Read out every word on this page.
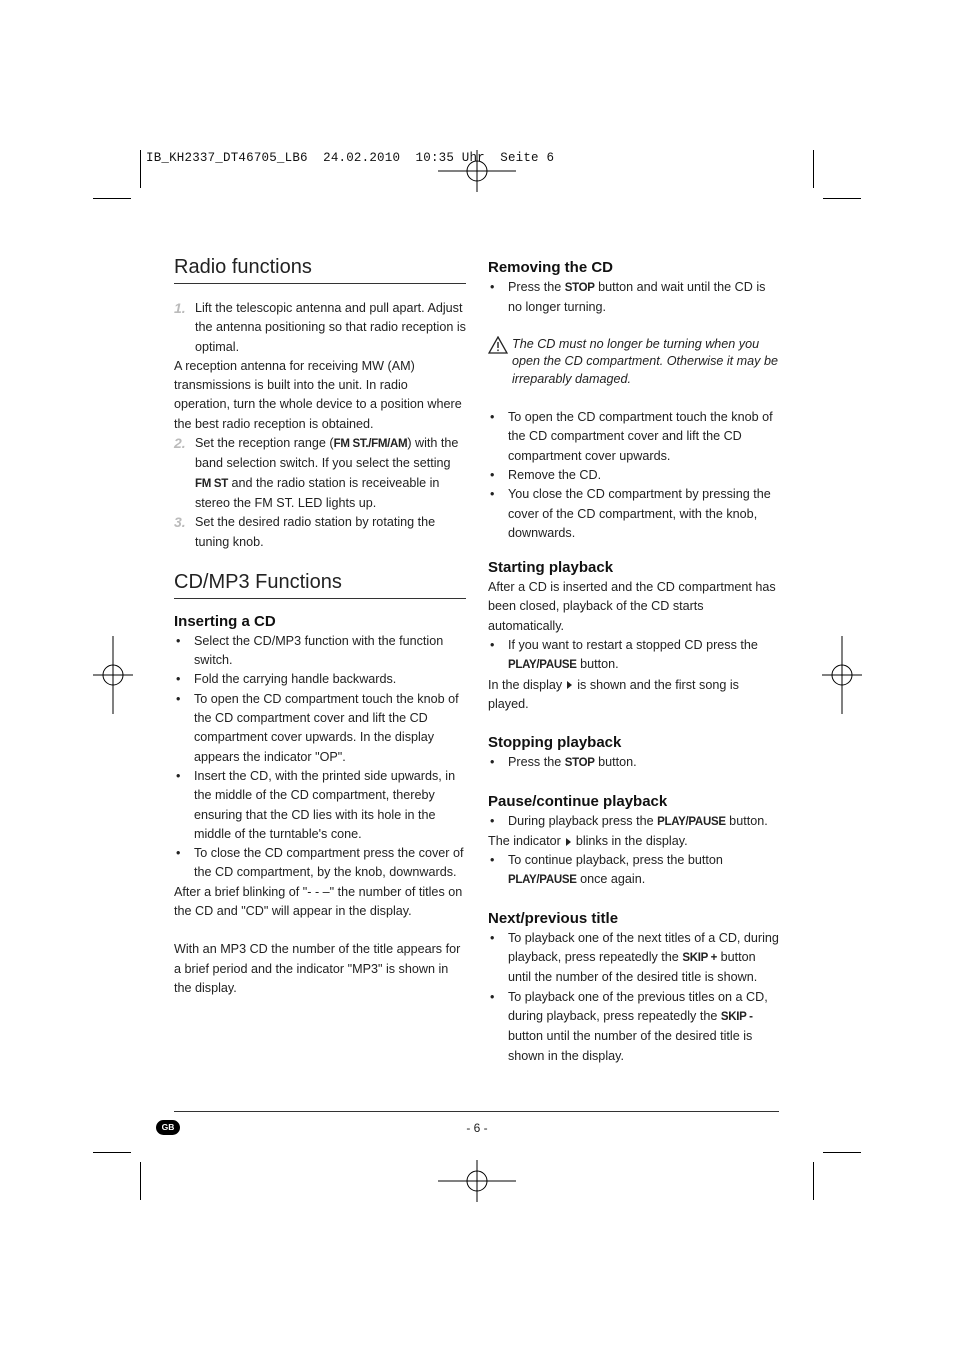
IB_KH2337_DT46705_LB6  24.02.2010  10:35 Uhr  Seite 6
Radio functions
1. Lift the telescopic antenna and pull apart. Adjust the antenna positioning so that radio reception is optimal.

A reception antenna for receiving MW (AM) transmissions is built into the unit. In radio operation, turn the whole device to a position where the best radio reception is obtained.

2. Set the reception range (FM ST./FM/AM) with the band selection switch. If you select the setting FM ST and the radio station is receiveable in stereo the FM ST. LED lights up.
3. Set the desired radio station by rotating the tuning knob.
CD/MP3 Functions
Inserting a CD
•	Select the CD/MP3 function with the function switch.
•	Fold the carrying handle backwards.
•	To open the CD compartment touch the knob of the CD compartment cover and lift the CD compartment cover upwards. In the display appears the indicator "OP".
•	Insert the CD, with the printed side upwards, in the middle of the CD compartment, thereby ensuring that the CD lies with its hole in the middle of the turntable's cone.
•	To close the CD compartment press the cover of the CD compartment, by the knob, downwards.

After a brief blinking of "- - –" the number of titles on the CD and "CD" will appear in the display.

With an MP3 CD the number of the title appears for a brief period and the indicator "MP3" is shown in the display.

Removing the CD
•	Press the STOP button and wait until the CD is no longer turning.
The CD must no longer be turning when you open the CD compartment. Otherwise it may be irreparably damaged.
•	To open the CD compartment touch the knob of the CD compartment cover and lift the CD compartment cover upwards.
•	Remove the CD.
•	You close the CD compartment by pressing the cover of the CD compartment, with the knob, downwards.
Starting playback

After a CD is inserted and the CD compartment has been closed, playback of the CD starts automatically.

•	If you want to restart a stopped CD press the PLAY/PAUSE button.

In the display is shown and the first song is played.

Stopping playback
•	Press the STOP button.
Pause/continue playback
•	During playback press the PLAY/PAUSE button.

The indicator blinks in the display.

•	To continue playback, press the button PLAY/PAUSE once again.
Next/previous title
•	To playback one of the next titles of a CD, during playback, press repeatedly the SKIP + button until the number of the desired title is shown.
•	To playback one of the previous titles on a CD, during playback, press repeatedly the SKIP - button until the number of the desired title is shown in the display.
GB	- 6 -
